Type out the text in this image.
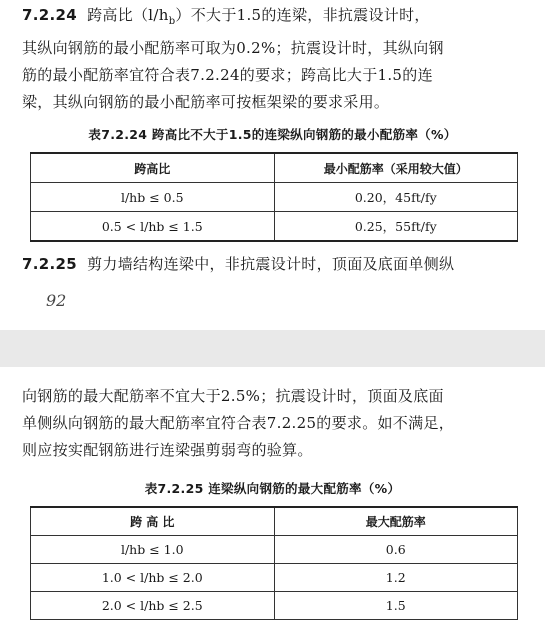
7.2.24 跨高比$(l/h_b)$不大于1.5的连梁，非抗震设计时，
其纵向钢筋的最小配筋率可取为0.2%；抗震设计时，其纵向钢
筋的最小配筋率宜符合表7.2.24的要求；跨高比大于1.5的连
梁，其纵向钢筋的最小配筋率可按框架梁的要求采用。
表7.2.24 跨高比不大于1.5的连梁纵向钢筋的最小配筋率（%）
跨高比	最小配筋率（采用较大值）
l/hb ≤ 0.5	0.20，45ft/fy
0.5 < l/hb ≤ 1.5	0.25，55ft/fy
7.2.25 剪力墙结构连梁中，非抗震设计时，顶面及底面单侧纵
92
向钢筋的最大配筋率不宜大于2.5%；抗震设计时，顶面及底面
单侧纵向钢筋的最大配筋率宜符合表7.2.25的要求。如不满足，
则应按实配钢筋进行连梁强剪弱弯的验算。
表7.2.25 连梁纵向钢筋的最大配筋率（%）
跨 高 比	最大配筋率
l/hb ≤ 1.0	0.6
1.0 < l/hb ≤ 2.0	1.2
2.0 < l/hb ≤ 2.5	1.5
